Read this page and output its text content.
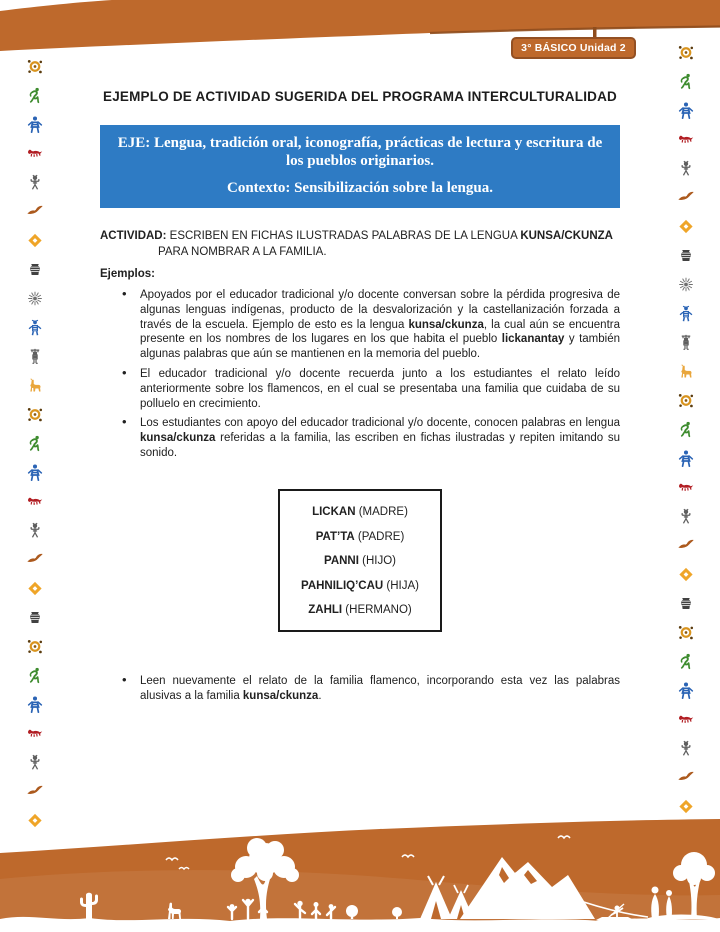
3° BÁSICO Unidad 2
EJEMPLO DE ACTIVIDAD SUGERIDA DEL PROGRAMA INTERCULTURALIDAD

EJE: Lengua, tradición oral, iconografía, prácticas de lectura y escritura de los pueblos originarios.

Contexto: Sensibilización sobre la lengua.

ACTIVIDAD: ESCRIBEN EN FICHAS ILUSTRADAS PALABRAS DE LA LENGUA KUNSA/CKUNZA PARA NOMBRAR A LA FAMILIA.

Ejemplos:

• Apoyados por el educador tradicional y/o docente conversan sobre la pérdida progresiva de algunas lenguas indígenas, producto de la desvalorización y la castellanización forzada a través de la escuela. Ejemplo de esto es la lengua kunsa/ckunza, la cual aún se encuentra presente en los nombres de los lugares en los que habita el pueblo lickanantay y también algunas palabras que aún se mantienen en la memoria del pueblo.
• El educador tradicional y/o docente recuerda junto a los estudiantes el relato leído anteriormente sobre los flamencos, en el cual se presentaba una familia que cuidaba de su polluelo en crecimiento.
• Los estudiantes con apoyo del educador tradicional y/o docente, conocen palabras en lengua kunsa/ckunza referidas a la familia, las escriben en fichas ilustradas y repiten imitando su sonido.
LICKAN (MADRE)
PAT’TA (PADRE)
PANNI (HIJO)
PAHNILIQ’CAU (HIJA)
ZAHLI (HERMANO)
• Leen nuevamente el relato de la familia flamenco, incorporando esta vez las palabras alusivas a la familia kunsa/ckunza.
